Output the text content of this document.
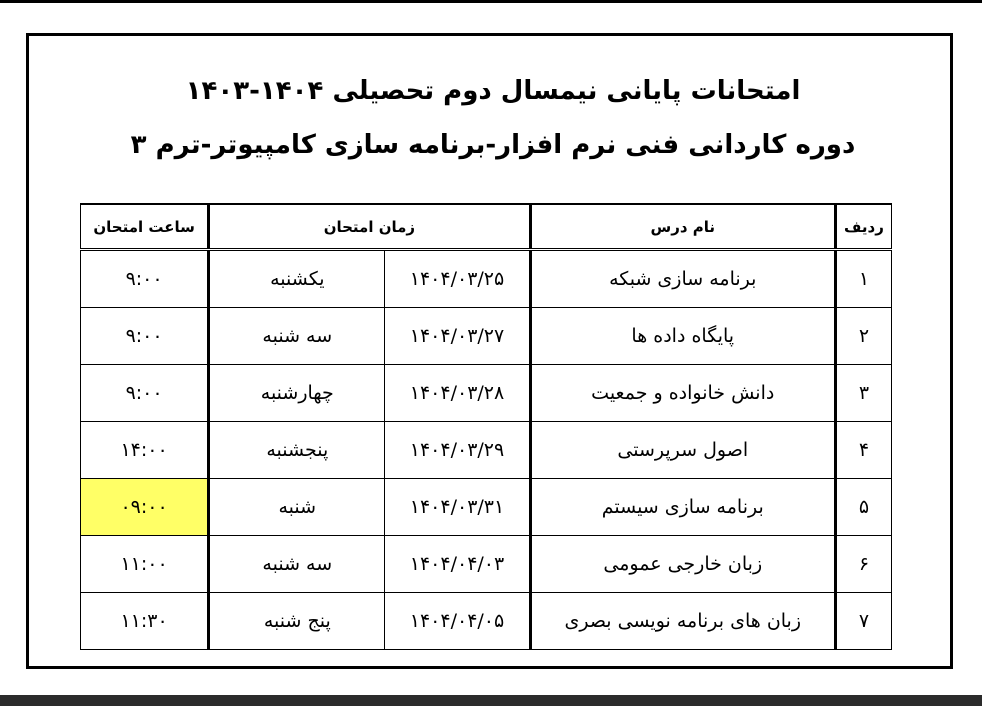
امتحانات پایانی نیمسال دوم تحصیلی ۱۴۰۴-۱۴۰۳
دوره کاردانی فنی نرم افزار-برنامه سازی کامپیوتر-ترم ۳
ردیف	نام درس	زمان امتحان		ساعت امتحان
۱	برنامه سازی شبکه	۱۴۰۴/۰۳/۲۵	یکشنبه	۹:۰۰
۲	پایگاه داده ها	۱۴۰۴/۰۳/۲۷	سه شنبه	۹:۰۰
۳	دانش خانواده و جمعیت	۱۴۰۴/۰۳/۲۸	چهارشنبه	۹:۰۰
۴	اصول سرپرستی	۱۴۰۴/۰۳/۲۹	پنجشنبه	۱۴:۰۰
۵	برنامه سازی سیستم	۱۴۰۴/۰۳/۳۱	شنبه	۰۹:۰۰
۶	زبان خارجی عمومی	۱۴۰۴/۰۴/۰۳	سه شنبه	۱۱:۰۰
۷	زبان های برنامه نویسی بصری	۱۴۰۴/۰۴/۰۵	پنج شنبه	۱۱:۳۰
